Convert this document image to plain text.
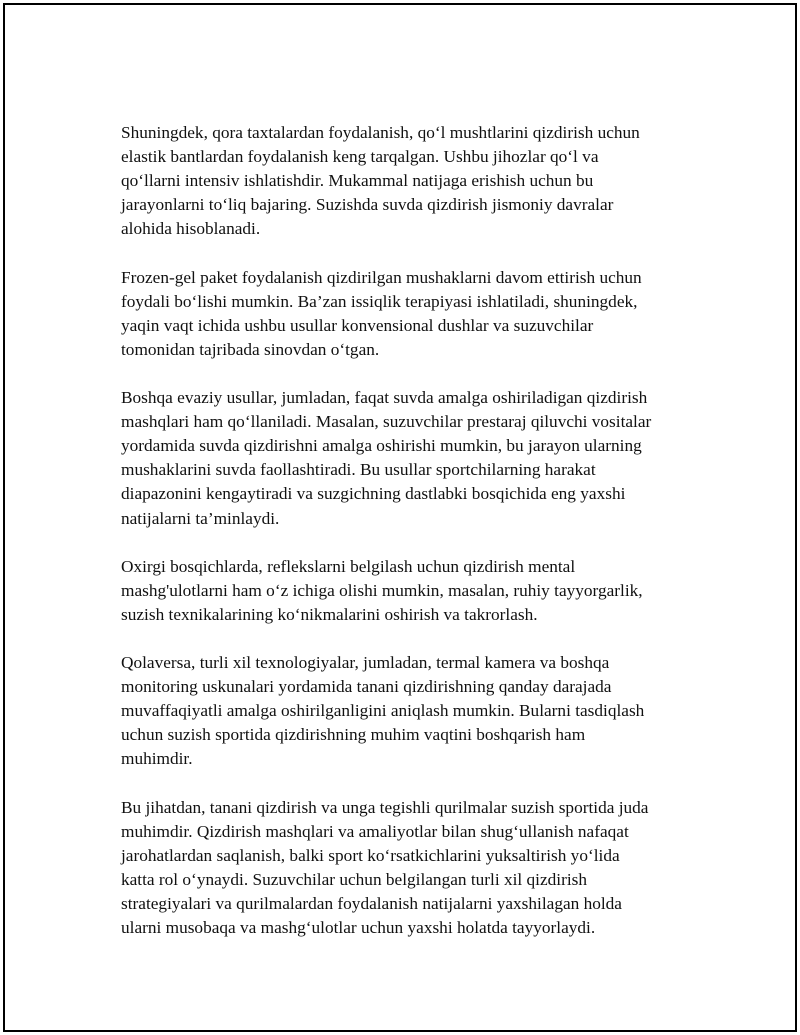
Shuningdek, qora taxtalardan foydalanish, qo‘l mushtlarini qizdirish uchun
elastik bantlardan foydalanish keng tarqalgan. Ushbu jihozlar qo‘l va
qo‘llarni intensiv ishlatishdir. Mukammal natijaga erishish uchun bu
jarayonlarni to‘liq bajaring. Suzishda suvda qizdirish jismoniy davralar
alohida hisoblanadi.

Frozen-gel paket foydalanish qizdirilgan mushaklarni davom ettirish uchun
foydali bo‘lishi mumkin. Ba’zan issiqlik terapiyasi ishlatiladi, shuningdek,
yaqin vaqt ichida ushbu usullar konvensional dushlar va suzuvchilar
tomonidan tajribada sinovdan o‘tgan.

Boshqa evaziy usullar, jumladan, faqat suvda amalga oshiriladigan qizdirish
mashqlari ham qo‘llaniladi. Masalan, suzuvchilar prestaraj qiluvchi vositalar
yordamida suvda qizdirishni amalga oshirishi mumkin, bu jarayon ularning
mushaklarini suvda faollashtiradi. Bu usullar sportchilarning harakat
diapazonini kengaytiradi va suzgichning dastlabki bosqichida eng yaxshi
natijalarni ta’minlaydi.

Oxirgi bosqichlarda, reflekslarni belgilash uchun qizdirish mental
mashg'ulotlarni ham o‘z ichiga olishi mumkin, masalan, ruhiy tayyorgarlik,
suzish texnikalarining ko‘nikmalarini oshirish va takrorlash.

Qolaversa, turli xil texnologiyalar, jumladan, termal kamera va boshqa
monitoring uskunalari yordamida tanani qizdirishning qanday darajada
muvaffaqiyatli amalga oshirilganligini aniqlash mumkin. Bularni tasdiqlash
uchun suzish sportida qizdirishning muhim vaqtini boshqarish ham
muhimdir.

Bu jihatdan, tanani qizdirish va unga tegishli qurilmalar suzish sportida juda
muhimdir. Qizdirish mashqlari va amaliyotlar bilan shug‘ullanish nafaqat
jarohatlardan saqlanish, balki sport ko‘rsatkichlarini yuksaltirish yo‘lida
katta rol o‘ynaydi. Suzuvchilar uchun belgilangan turli xil qizdirish
strategiyalari va qurilmalardan foydalanish natijalarni yaxshilagan holda
ularni musobaqa va mashg‘ulotlar uchun yaxshi holatda tayyorlaydi.
